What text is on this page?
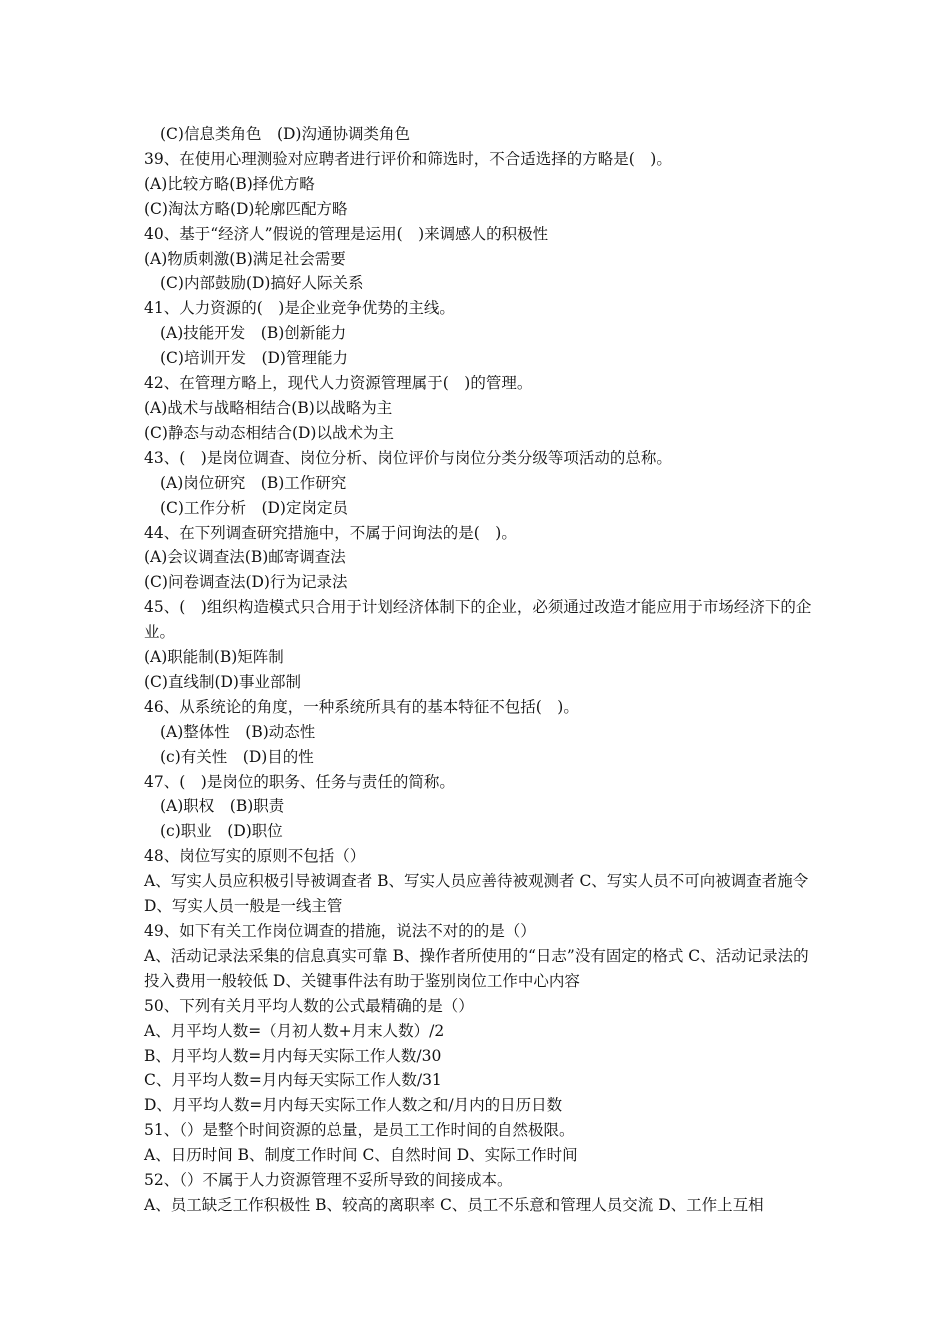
(C)信息类角色　(D)沟通协调类角色
39、在使用心理测验对应聘者进行评价和筛选时，不合适选择的方略是(　)。
(A)比较方略(B)择优方略
(C)淘汰方略(D)轮廓匹配方略
40、基于“经济人”假说的管理是运用(　)来调感人的积极性
(A)物质刺激(B)满足社会需要
(C)内部鼓励(D)搞好人际关系
41、人力资源的(　)是企业竞争优势的主线。
(A)技能开发　(B)创新能力
(C)培训开发　(D)管理能力
42、在管理方略上，现代人力资源管理属于(　)的管理。
(A)战术与战略相结合(B)以战略为主
(C)静态与动态相结合(D)以战术为主
43、(　)是岗位调查、岗位分析、岗位评价与岗位分类分级等项活动的总称。
(A)岗位研究　(B)工作研究
(C)工作分析　(D)定岗定员
44、在下列调查研究措施中，不属于问询法的是(　)。
(A)会议调查法(B)邮寄调查法
(C)问卷调查法(D)行为记录法
45、(　)组织构造模式只合用于计划经济体制下的企业，必须通过改造才能应用于市场经济下的企业。
(A)职能制(B)矩阵制
(C)直线制(D)事业部制
46、从系统论的角度，一种系统所具有的基本特征不包括(　)。
(A)整体性　(B)动态性
(c)有关性　(D)目的性
47、(　)是岗位的职务、任务与责任的简称。
(A)职权　(B)职责
(c)职业　(D)职位
48、岗位写实的原则不包括（）
A、写实人员应积极引导被调查者 B、写实人员应善待被观测者 C、写实人员不可向被调查者施令 D、写实人员一般是一线主管
49、如下有关工作岗位调查的措施，说法不对的的是（）
A、活动记录法采集的信息真实可靠 B、操作者所使用的“日志”没有固定的格式 C、活动记录法的投入费用一般较低 D、关键事件法有助于鉴别岗位工作中心内容
50、下列有关月平均人数的公式最精确的是（）
A、月平均人数=（月初人数+月末人数）/2
B、月平均人数=月内每天实际工作人数/30
C、月平均人数=月内每天实际工作人数/31
D、月平均人数=月内每天实际工作人数之和/月内的日历日数
51、（）是整个时间资源的总量，是员工工作时间的自然极限。
A、日历时间 B、制度工作时间 C、自然时间 D、实际工作时间
52、（）不属于人力资源管理不妥所导致的间接成本。
A、员工缺乏工作积极性 B、较高的离职率 C、员工不乐意和管理人员交流 D、工作上互相
